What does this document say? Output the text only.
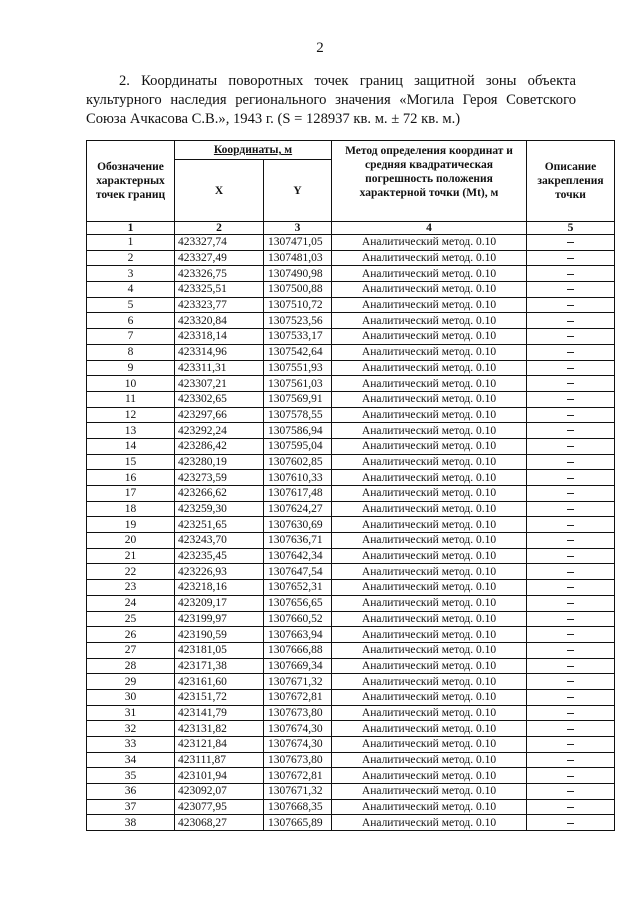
2
2. Координаты поворотных точек границ защитной зоны объекта культурного наследия регионального значения «Могила Героя Советского Союза Ачкасова С.В.», 1943 г. (S = 128937 кв. м. ± 72 кв. м.)
Обозначение характерных точек границ	Координаты, м		Метод определения координат и средняя квадратическая погрешность положения характерной точки (Mt), м	Описание закрепления точки
	X	Y		
1	2	3	4	5
1	423327,74	1307471,05	Аналитический метод. 0.10	
2	423327,49	1307481,03	Аналитический метод. 0.10	
3	423326,75	1307490,98	Аналитический метод. 0.10	
4	423325,51	1307500,88	Аналитический метод. 0.10	
5	423323,77	1307510,72	Аналитический метод. 0.10	
6	423320,84	1307523,56	Аналитический метод. 0.10	
7	423318,14	1307533,17	Аналитический метод. 0.10	
8	423314,96	1307542,64	Аналитический метод. 0.10	
9	423311,31	1307551,93	Аналитический метод. 0.10	
10	423307,21	1307561,03	Аналитический метод. 0.10	
11	423302,65	1307569,91	Аналитический метод. 0.10	
12	423297,66	1307578,55	Аналитический метод. 0.10	
13	423292,24	1307586,94	Аналитический метод. 0.10	
14	423286,42	1307595,04	Аналитический метод. 0.10	
15	423280,19	1307602,85	Аналитический метод. 0.10	
16	423273,59	1307610,33	Аналитический метод. 0.10	
17	423266,62	1307617,48	Аналитический метод. 0.10	
18	423259,30	1307624,27	Аналитический метод. 0.10	
19	423251,65	1307630,69	Аналитический метод. 0.10	
20	423243,70	1307636,71	Аналитический метод. 0.10	
21	423235,45	1307642,34	Аналитический метод. 0.10	
22	423226,93	1307647,54	Аналитический метод. 0.10	
23	423218,16	1307652,31	Аналитический метод. 0.10	
24	423209,17	1307656,65	Аналитический метод. 0.10	
25	423199,97	1307660,52	Аналитический метод. 0.10	
26	423190,59	1307663,94	Аналитический метод. 0.10	
27	423181,05	1307666,88	Аналитический метод. 0.10	
28	423171,38	1307669,34	Аналитический метод. 0.10	
29	423161,60	1307671,32	Аналитический метод. 0.10	
30	423151,72	1307672,81	Аналитический метод. 0.10	
31	423141,79	1307673,80	Аналитический метод. 0.10	
32	423131,82	1307674,30	Аналитический метод. 0.10	
33	423121,84	1307674,30	Аналитический метод. 0.10	
34	423111,87	1307673,80	Аналитический метод. 0.10	
35	423101,94	1307672,81	Аналитический метод. 0.10	
36	423092,07	1307671,32	Аналитический метод. 0.10	
37	423077,95	1307668,35	Аналитический метод. 0.10	
38	423068,27	1307665,89	Аналитический метод. 0.10	
